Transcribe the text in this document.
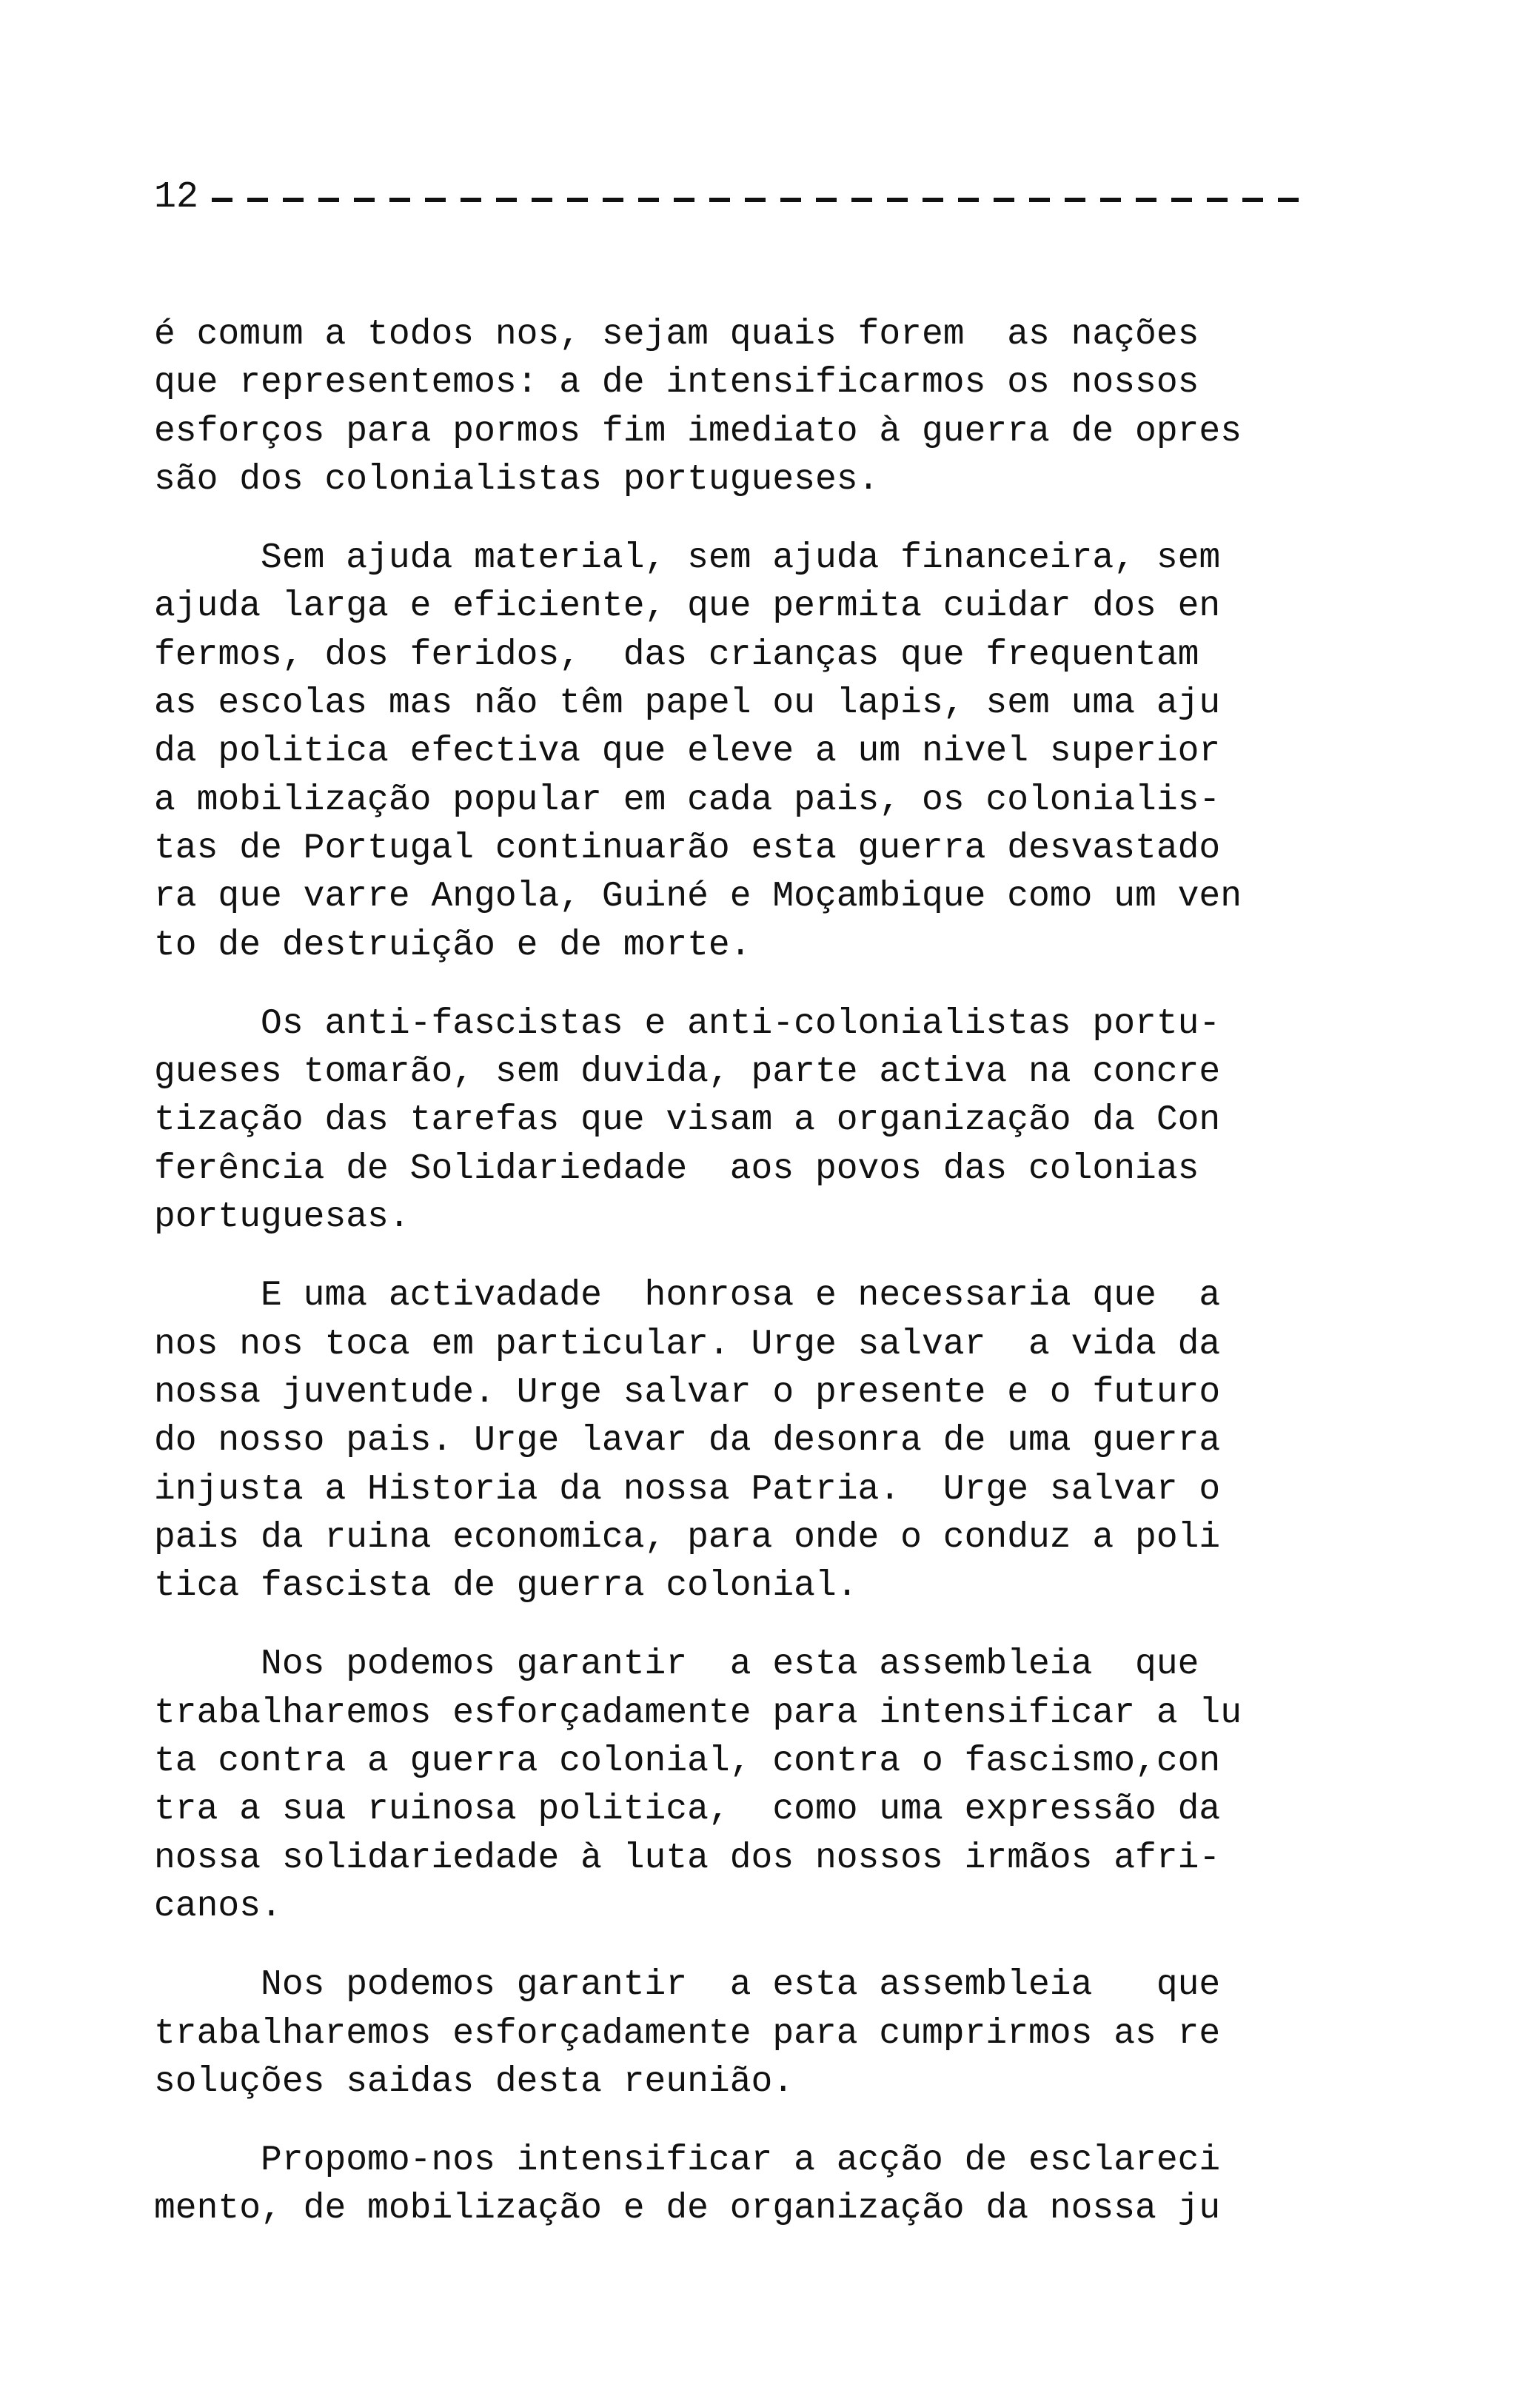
12

é comum a todos nos, sejam quais forem  as nações
que representemos: a de intensificarmos os nossos
esforços para pormos fim imediato à guerra de opres
são dos colonialistas portugueses.

Sem ajuda material, sem ajuda financeira, sem
ajuda larga e eficiente, que permita cuidar dos en
fermos, dos feridos,  das crianças que frequentam
as escolas mas não têm papel ou lapis, sem uma aju
da politica efectiva que eleve a um nivel superior
a mobilização popular em cada pais, os colonialis-
tas de Portugal continuarão esta guerra desvastado
ra que varre Angola, Guiné e Moçambique como um ven
to de destruição e de morte.

Os anti-fascistas e anti-colonialistas portu-
gueses tomarão, sem duvida, parte activa na concre
tização das tarefas que visam a organização da Con
ferência de Solidariedade  aos povos das colonias
portuguesas.

E uma activadade  honrosa e necessaria que  a
nos nos toca em particular. Urge salvar  a vida da
nossa juventude. Urge salvar o presente e o futuro
do nosso pais. Urge lavar da desonra de uma guerra
injusta a Historia da nossa Patria.  Urge salvar o
pais da ruina economica, para onde o conduz a poli
tica fascista de guerra colonial.

Nos podemos garantir  a esta assembleia  que
trabalharemos esforçadamente para intensificar a lu
ta contra a guerra colonial, contra o fascismo,con
tra a sua ruinosa politica,  como uma expressão da
nossa solidariedade à luta dos nossos irmãos afri-
canos.

Nos podemos garantir  a esta assembleia   que
trabalharemos esforçadamente para cumprirmos as re
soluções saidas desta reunião.

Propomo-nos intensificar a acção de esclareci
mento, de mobilização e de organização da nossa ju
